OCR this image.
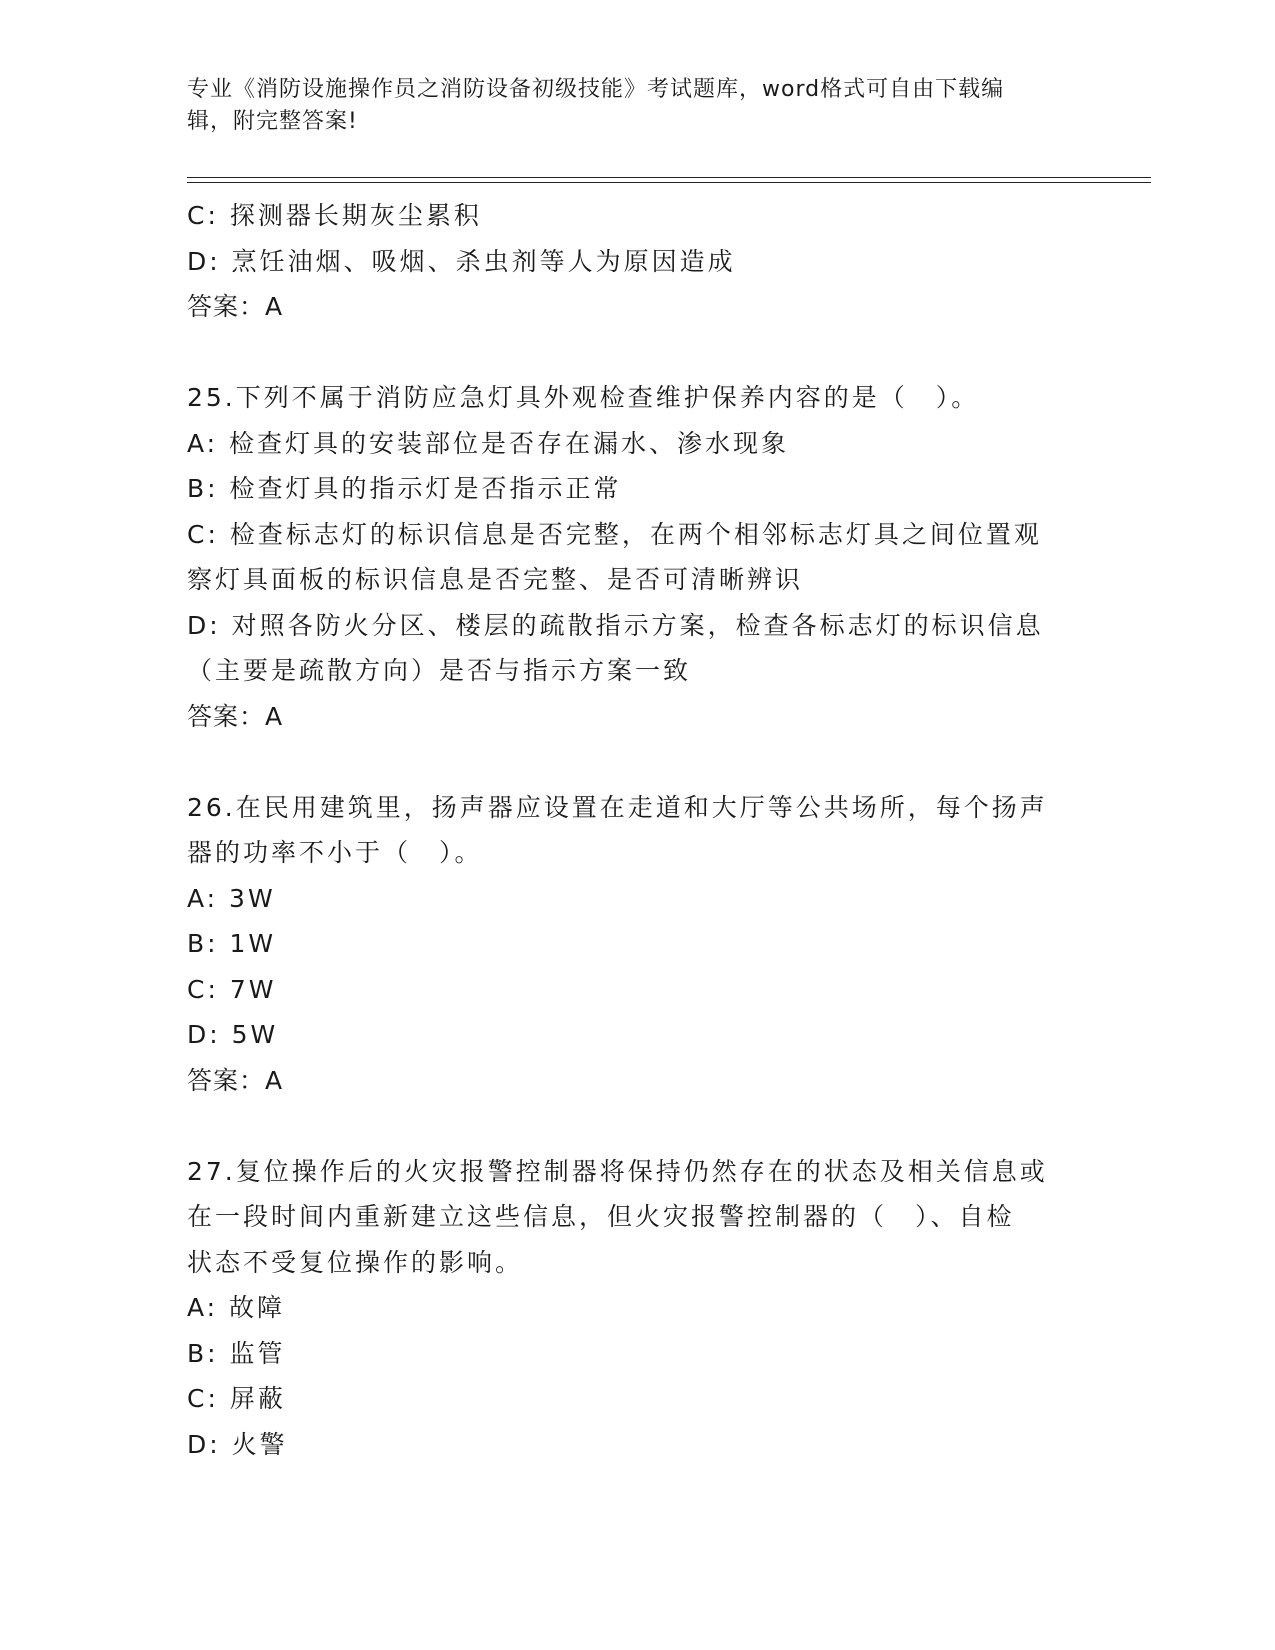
专业《消防设施操作员之消防设备初级技能》考试题库，word格式可自由下载编
辑，附完整答案!
C: 探测器长期灰尘累积
D: 烹饪油烟、吸烟、杀虫剂等人为原因造成
答案：A
25.下列不属于消防应急灯具外观检查维护保养内容的是（　）。
A: 检查灯具的安装部位是否存在漏水、渗水现象
B: 检查灯具的指示灯是否指示正常
C: 检查标志灯的标识信息是否完整，在两个相邻标志灯具之间位置观
察灯具面板的标识信息是否完整、是否可清晰辨识
D: 对照各防火分区、楼层的疏散指示方案，检查各标志灯的标识信息
（主要是疏散方向）是否与指示方案一致
答案：A
26.在民用建筑里，扬声器应设置在走道和大厅等公共场所，每个扬声
器的功率不小于（　）。
A: 3W
B: 1W
C: 7W
D: 5W
答案：A
27.复位操作后的火灾报警控制器将保持仍然存在的状态及相关信息或
在一段时间内重新建立这些信息，但火灾报警控制器的（　）、自检
状态不受复位操作的影响。
A: 故障
B: 监管
C: 屏蔽
D: 火警
